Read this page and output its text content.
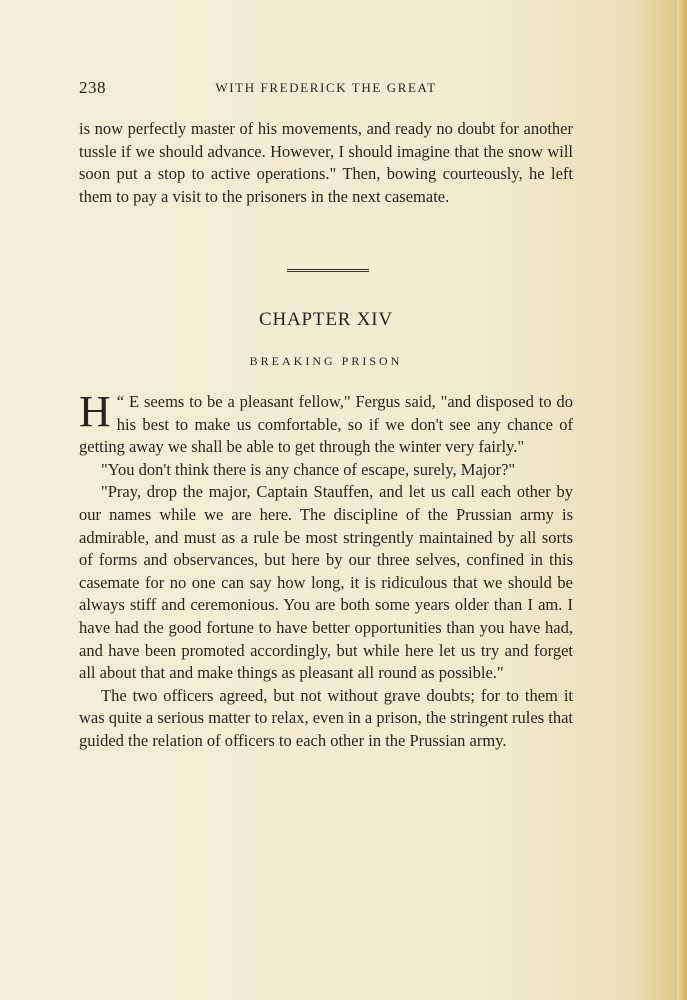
238	WITH FREDERICK THE GREAT

is now perfectly master of his movements, and ready no doubt for another tussle if we should advance. However, I should imagine that the snow will soon put a stop to active operations." Then, bowing courteously, he left them to pay a visit to the prisoners in the next casemate.

CHAPTER XIV
BREAKING PRISON

“
H E seems to be a pleasant fellow," Fergus said, "and disposed to do his best to make us comfortable, so if we don't see any chance of getting away we shall be able to get through the winter very fairly."

"You don't think there is any chance of escape, surely, Major?"

"Pray, drop the major, Captain Stauffen, and let us call each other by our names while we are here. The discipline of the Prussian army is admirable, and must as a rule be most stringently maintained by all sorts of forms and observances, but here by our three selves, confined in this casemate for no one can say how long, it is ridiculous that we should be always stiff and ceremonious. You are both some years older than I am. I have had the good fortune to have better opportunities than you have had, and have been promoted accordingly, but while here let us try and forget all about that and make things as pleasant all round as possible."

The two officers agreed, but not without grave doubts; for to them it was quite a serious matter to relax, even in a prison, the stringent rules that guided the relation of officers to each other in the Prussian army.
